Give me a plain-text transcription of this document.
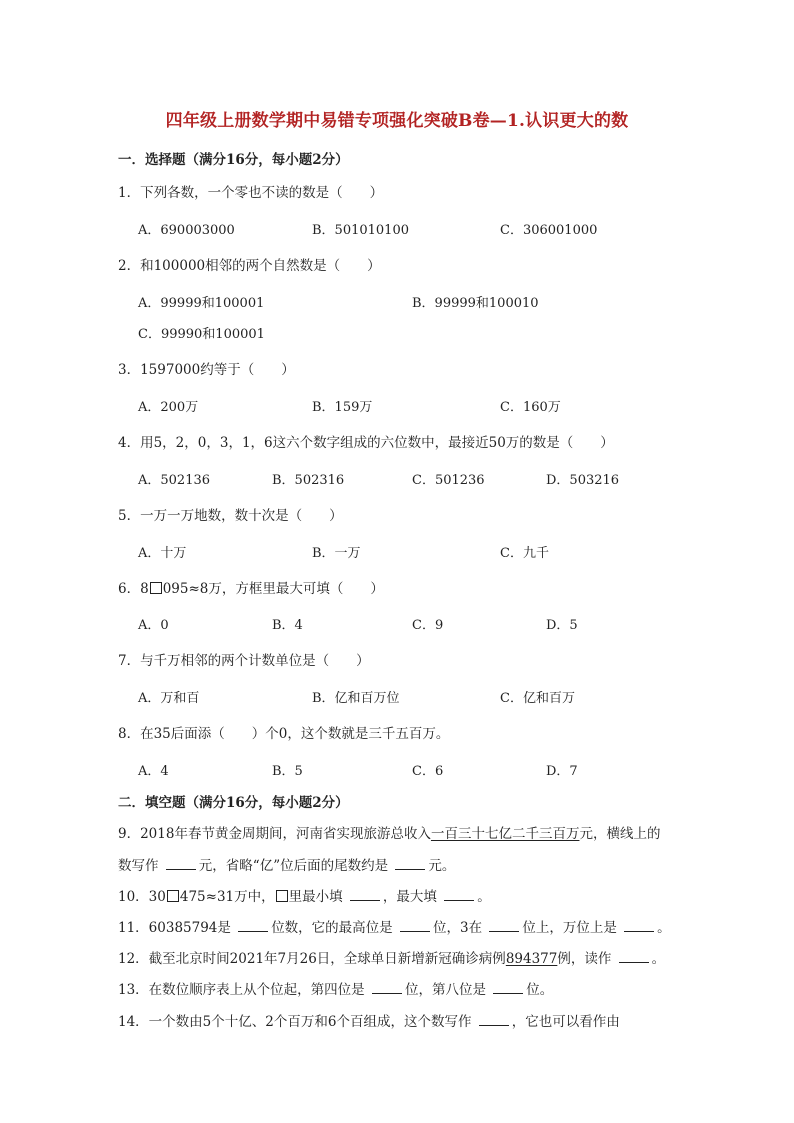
四年级上册数学期中易错专项强化突破B卷—1.认识更大的数
一．选择题（满分16分，每小题2分）
1．下列各数，一个零也不读的数是（　　）
A．690003000	B．501010100	C．306001000
2．和100000相邻的两个自然数是（　　）
A．99999和100001	B．99999和100010
C．99990和100001
3．1597000约等于（　　）
A．200万	B．159万	C．160万
4．用5，2，0，3，1，6这六个数字组成的六位数中，最接近50万的数是（　　）
A．502136	B．502316	C．501236	D．503216
5．一万一万地数，数十次是（　　）
A．十万	B．一万	C．九千
6．8 095≈8万，方框里最大可填（　　）
A．0	B．4	C．9	D．5
7．与千万相邻的两个计数单位是（　　）
A．万和百	B．亿和百万位	C．亿和百万
8．在35后面添（　　）个0，这个数就是三千五百万。
A．4	B．5	C．6	D．7
二．填空题（满分16分，每小题2分）
9．2018年春节黄金周期间，河南省实现旅游总收入一百三十七亿二千三百万元，横线上的
数写作	元，省略“亿”位后面的尾数约是	元。
10．30 475≈31万中， 里最小填	，最大填	。
11．60385794是	位数，它的最高位是	位，3在	位上，万位上是	。
12．截至北京时间2021年7月26日，全球单日新增新冠确诊病例894377例，读作	。
13．在数位顺序表上从个位起，第四位是	位，第八位是	位。
14．一个数由5个十亿、2个百万和6个百组成，这个数写作	，它也可以看作由
